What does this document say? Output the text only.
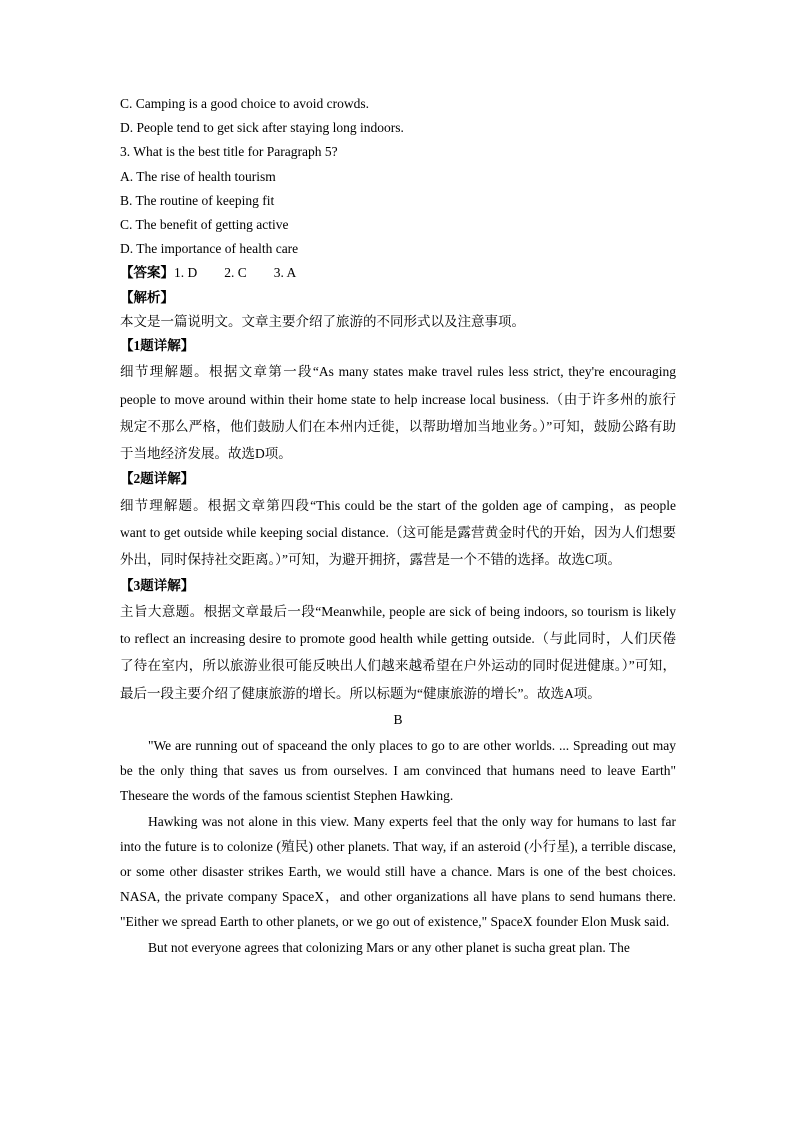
C. Camping is a good choice to avoid crowds.

D. People tend to get sick after staying long indoors.

3. What is the best title for Paragraph 5?

A. The rise of health tourism

B. The routine of keeping fit

C. The benefit of getting active

D. The importance of health care

【答案】1. D        2. C        3. A

【解析】

本文是一篇说明文。文章主要介绍了旅游的不同形式以及注意事项。

【1题详解】

细节理解题。根据文章第一段“As many states make travel rules less strict, they're encouraging people to move around within their home state to help increase local business.（由于许多州的旅行规定不那么严格，他们鼓励人们在本州内迁徙，以帮助增加当地业务。）”可知，鼓励公路有助于当地经济发展。故选D项。

【2题详解】

细节理解题。根据文章第四段“This could be the start of the golden age of camping，as people want to get outside while keeping social distance.（这可能是露营黄金时代的开始，因为人们想要外出，同时保持社交距离。）”可知，为避开拥挤，露营是一个不错的选择。故选C项。

【3题详解】

主旨大意题。根据文章最后一段“Meanwhile, people are sick of being indoors, so tourism is likely to reflect an increasing desire to promote good health while getting outside.（与此同时，人们厌倦了待在室内，所以旅游业很可能反映出人们越来越希望在户外运动的同时促进健康。）”可知，最后一段主要介绍了健康旅游的增长。所以标题为“健康旅游的增长”。故选A项。

B

"We are running out of spaceand the only places to go to are other worlds. ... Spreading out may be the only thing that saves us from ourselves. I am convinced that humans need to leave Earth" Theseare the words of the famous scientist Stephen Hawking.

Hawking was not alone in this view. Many experts feel that the only way for humans to last far into the future is to colonize (殖民) other planets. That way, if an asteroid (小行星), a terrible discase, or some other disaster strikes Earth, we would still have a chance. Mars is one of the best choices. NASA, the private company SpaceX，and other organizations all have plans to send humans there. "Either we spread Earth to other planets, or we go out of existence," SpaceX founder Elon Musk said.

But not everyone agrees that colonizing Mars or any other planet is sucha great plan. The
